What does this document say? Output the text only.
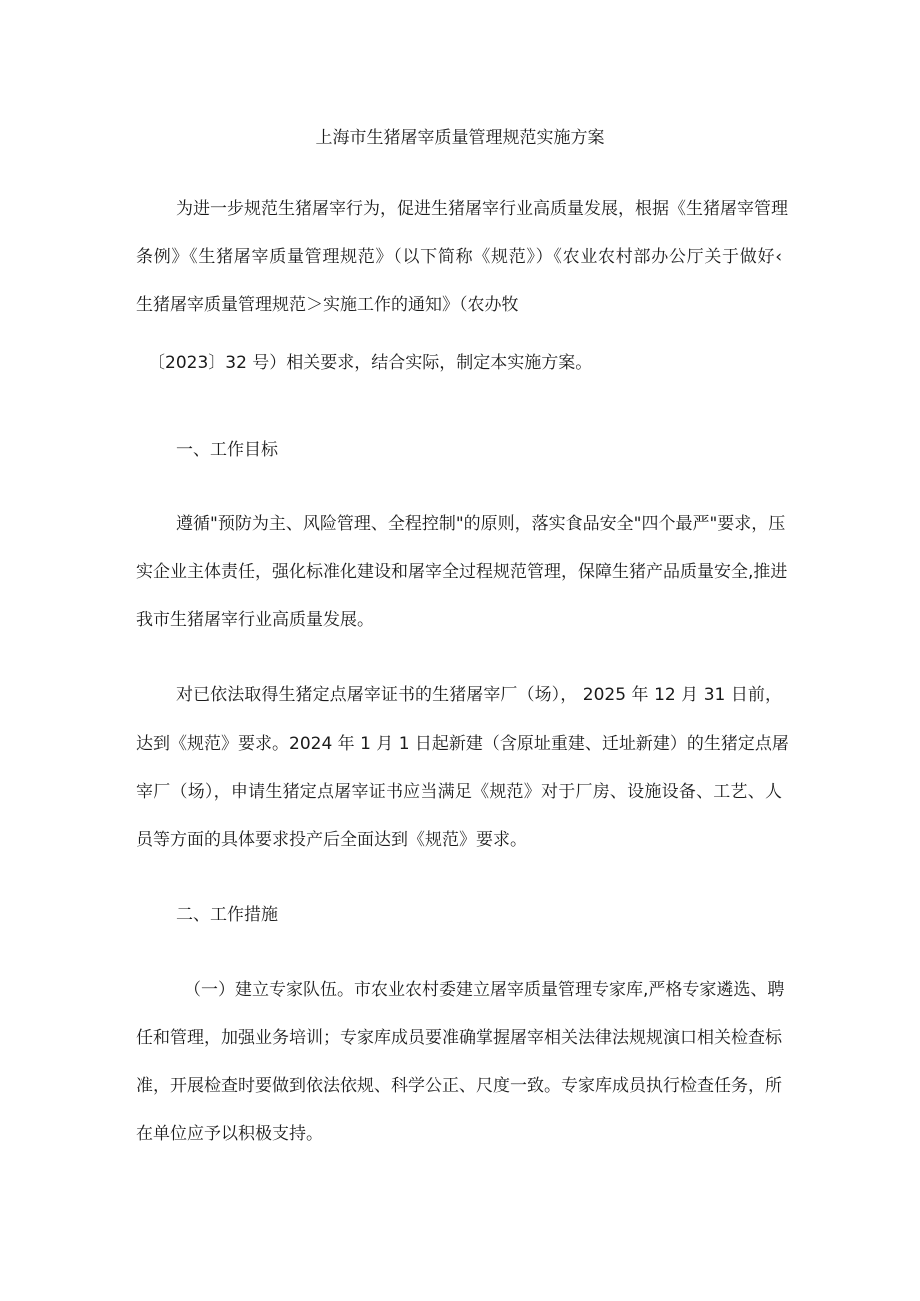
上海市生猪屠宰质量管理规范实施方案

为进一步规范生猪屠宰行为，促进生猪屠宰行业高质量发展，根据《生猪屠宰管理

条例》《生猪屠宰质量管理规范》（以下简称《规范》）《农业农村部办公厅关于做好‹

生猪屠宰质量管理规范＞实施工作的通知》（农办牧

〔2023〕32 号）相关要求，结合实际，制定本实施方案。

一、工作目标

遵循"预防为主、风险管理、全程控制"的原则，落实食品安全"四个最严"要求，压

实企业主体责任，强化标准化建设和屠宰全过程规范管理，保障生猪产品质量安全,推进

我市生猪屠宰行业高质量发展。

对已依法取得生猪定点屠宰证书的生猪屠宰厂（场）， 2025 年 12 月 31 日前，

达到《规范》要求。2024 年 1 月 1 日起新建（含原址重建、迁址新建）的生猪定点屠

宰厂（场），申请生猪定点屠宰证书应当满足《规范》对于厂房、设施设备、工艺、人

员等方面的具体要求投产后全面达到《规范》要求。

二、工作措施

（一）建立专家队伍。市农业农村委建立屠宰质量管理专家库,严格专家遴选、聘

任和管理，加强业务培训；专家库成员要准确掌握屠宰相关法律法规规演口相关检查标

准，开展检查时要做到依法依规、科学公正、尺度一致。专家库成员执行检查任务，所

在单位应予以积极支持。
